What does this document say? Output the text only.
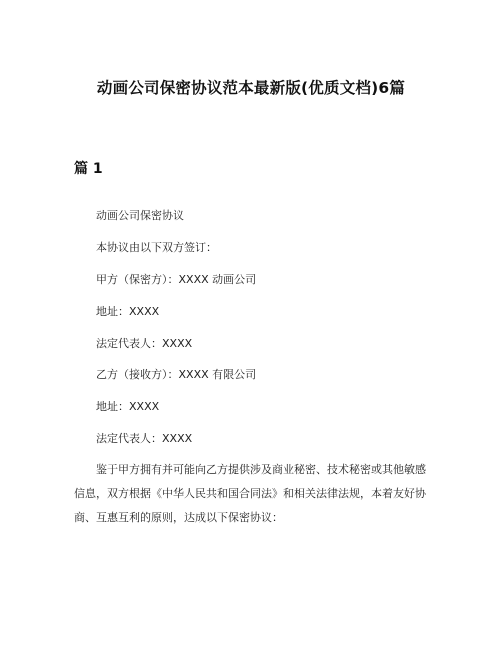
动画公司保密协议范本最新版(优质文档)6篇
篇 1
动画公司保密协议
本协议由以下双方签订：
甲方（保密方）：XXXX 动画公司
地址：XXXX
法定代表人：XXXX
乙方（接收方）：XXXX 有限公司
地址：XXXX
法定代表人：XXXX
鉴于甲方拥有并可能向乙方提供涉及商业秘密、技术秘密或其他敏感信息，双方根据《中华人民共和国合同法》和相关法律法规，本着友好协商、互惠互利的原则，达成以下保密协议：
